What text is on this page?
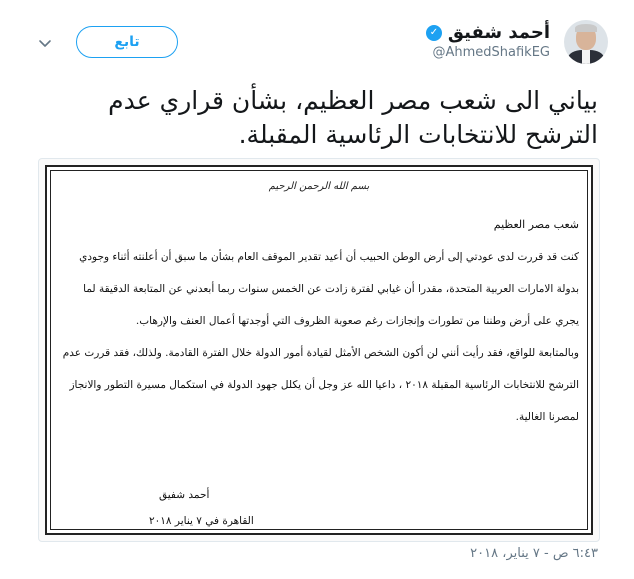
أحمد شفيق
✓
@AhmedShafikEG
تابع
بياني الى شعب مصر العظيم، بشأن قراري عدم الترشح للانتخابات الرئاسية المقبلة.
بسم الله الرحمن الرحيم
شعب مصر العظيم
كنت قد قررت لدى عودتي إلى أرض الوطن الحبيب أن أعيد تقدير الموقف العام بشأن ما سبق أن أعلنته أثناء وجودي بدولة الامارات العربية المتحدة، مقدرا أن غيابي لفترة زادت عن الخمس سنوات ربما أبعدني عن المتابعة الدقيقة لما يجري على أرض وطننا من تطورات وإنجازات رغم صعوبة الظروف التي أوجدتها أعمال العنف والإرهاب.
وبالمتابعة للواقع، فقد رأيت أنني لن أكون الشخص الأمثل لقيادة أمور الدولة خلال الفترة القادمة. ولذلك، فقد قررت عدم الترشح للانتخابات الرئاسية المقبلة ٢٠١٨ ، داعيا الله عز وجل أن يكلل جهود الدولة في استكمال مسيرة التطور والانجاز لمصرنا الغالية.
أحمد شفيق
القاهرة في ٧ يناير ٢٠١٨
٦:٤٣ ص - ٧ يناير، ٢٠١٨
